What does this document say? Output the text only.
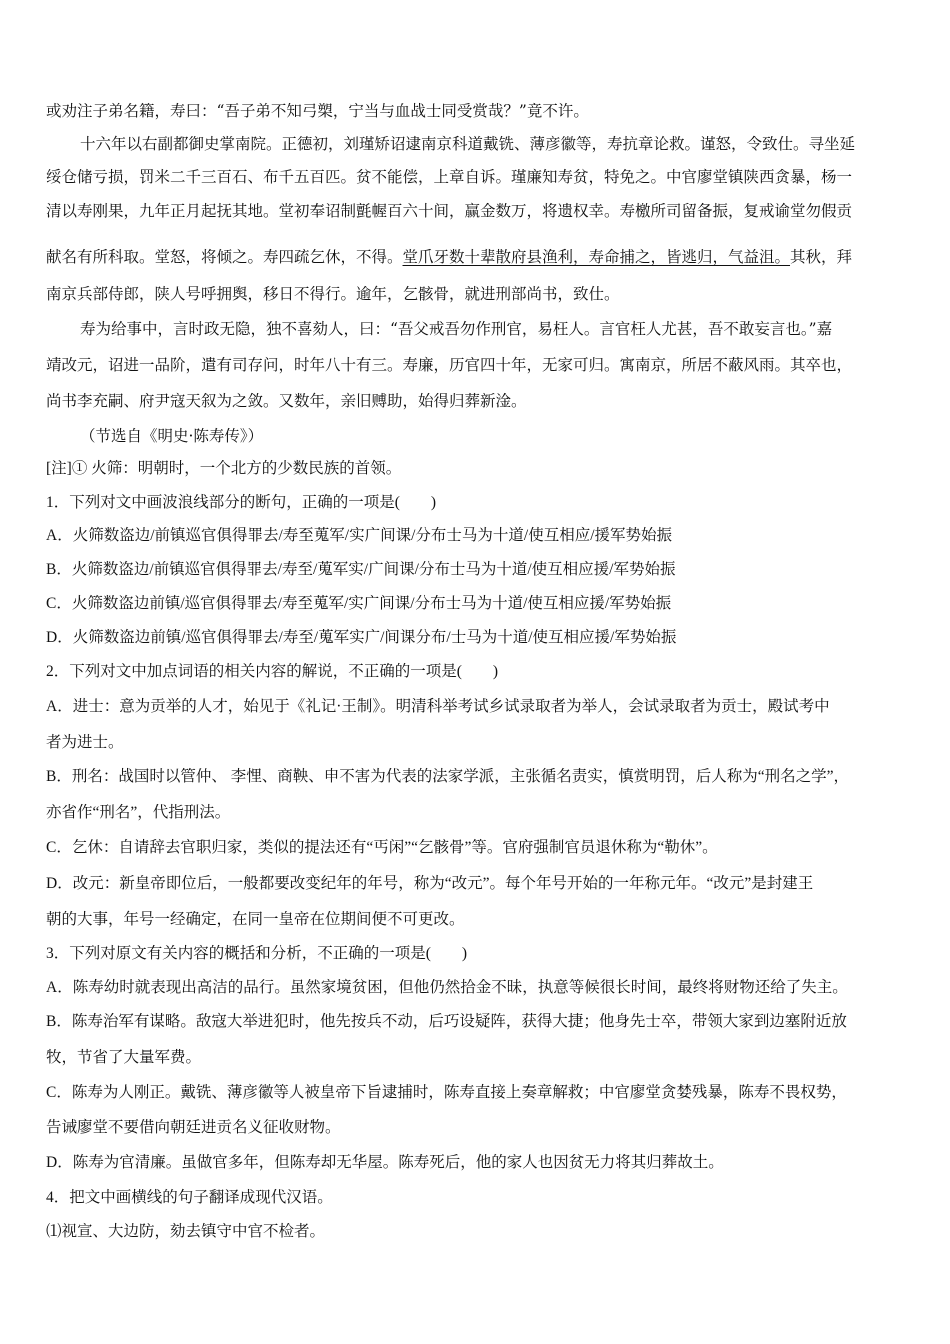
或劝注子弟名籍，寿曰：“吾子弟不知弓槊，宁当与血战士同受赏哉？”竟不许。
十六年以右副都御史掌南院。正德初，刘瑾矫诏逮南京科道戴铣、薄彦徽等，寿抗章论救。谨怒，令致仕。寻坐延
绥仓储亏损，罚米二千三百石、布千五百匹。贫不能偿，上章自诉。瑾廉知寿贫，特免之。中官廖堂镇陕西贪暴，杨一
清以寿刚果，九年正月起抚其地。堂初奉诏制氈幄百六十间，赢金数万，将遗权幸。寿檄所司留备振，复戒谕堂勿假贡
献名有所科取。堂怒，将倾之。寿四疏乞休，不得。堂爪牙数十辈散府县渔利，寿命捕之，皆逃归，气益沮。其秋，拜
南京兵部侍郎，陕人号呼拥舆，移日不得行。逾年，乞骸骨，就进刑部尚书，致仕。
寿为给事中，言时政无隐，独不喜劾人，曰：“吾父戒吾勿作刑官，易枉人。言官枉人尤甚，吾不敢妄言也。”嘉
靖改元，诏进一品阶，遣有司存问，时年八十有三。寿廉，历官四十年，无家可归。寓南京，所居不蔽风雨。其卒也，
尚书李充嗣、府尹寇天叙为之敛。又数年，亲旧赙助，始得归葬新淦。
（节选自《明史·陈寿传》）
[注]① 火筛：明朝时，一个北方的少数民族的首领。
1．下列对文中画波浪线部分的断句，正确的一项是(　　)
A．火筛数盗边/前镇巡官俱得罪去/寿至蒐军/实广间课/分布士马为十道/使互相应/援军势始振
B．火筛数盗边/前镇巡官俱得罪去/寿至/蒐军实/广间课/分布士马为十道/使互相应援/军势始振
C．火筛数盗边前镇/巡官俱得罪去/寿至蒐军/实广间课/分布士马为十道/使互相应援/军势始振
D．火筛数盗边前镇/巡官俱得罪去/寿至/蒐军实广/间课分布/士马为十道/使互相应援/军势始振
2．下列对文中加点词语的相关内容的解说，不正确的一项是(　　)
A．进士：意为贡举的人才，始见于《礼记·王制》。明清科举考试乡试录取者为举人，会试录取者为贡士，殿试考中
者为进士。
B．刑名：战国时以管仲、 李悝、商鞅、申不害为代表的法家学派，主张循名责实，慎赏明罚，后人称为“刑名之学”，
亦省作“刑名”，代指刑法。
C．乞休：自请辞去官职归家，类似的提法还有“丐闲”“乞骸骨”等。官府强制官员退休称为“勒休”。
D．改元：新皇帝即位后，一般都要改变纪年的年号，称为“改元”。每个年号开始的一年称元年。“改元”是封建王
朝的大事，年号一经确定，在同一皇帝在位期间便不可更改。
3．下列对原文有关内容的概括和分析，不正确的一项是(　　)
A．陈寿幼时就表现出高洁的品行。虽然家境贫困，但他仍然拾金不昧，执意等候很长时间，最终将财物还给了失主。
B．陈寿治军有谋略。敌寇大举进犯时，他先按兵不动，后巧设疑阵，获得大捷；他身先士卒，带领大家到边塞附近放
牧，节省了大量军费。
C．陈寿为人刚正。戴铣、薄彦徽等人被皇帝下旨逮捕时，陈寿直接上奏章解救；中官廖堂贪婪残暴，陈寿不畏权势，
告诫廖堂不要借向朝廷进贡名义征收财物。
D．陈寿为官清廉。虽做官多年，但陈寿却无华屋。陈寿死后，他的家人也因贫无力将其归葬故土。
4．把文中画横线的句子翻译成现代汉语。
⑴视宣、大边防，劾去镇守中官不检者。
